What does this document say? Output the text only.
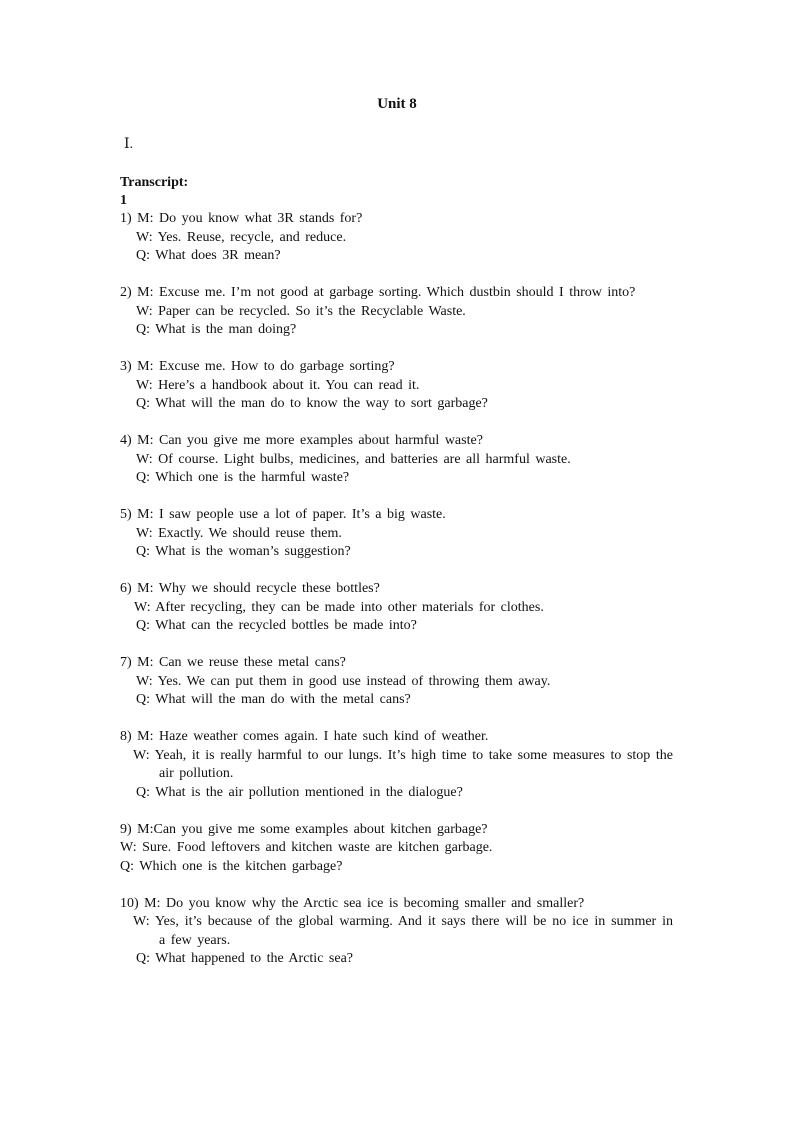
Unit 8
Ⅰ.
Transcript:
1
1) M: Do you know what 3R stands for?
W: Yes. Reuse, recycle, and reduce.
Q: What does 3R mean?
2) M: Excuse me. I’m not good at garbage sorting. Which dustbin should I throw into?
W: Paper can be recycled. So it’s the Recyclable Waste.
Q: What is the man doing?
3) M: Excuse me. How to do garbage sorting?
W: Here’s a handbook about it. You can read it.
Q: What will the man do to know the way to sort garbage?
4) M: Can you give me more examples about harmful waste?
W: Of course. Light bulbs, medicines, and batteries are all harmful waste.
Q: Which one is the harmful waste?
5) M: I saw people use a lot of paper. It’s a big waste.
W: Exactly. We should reuse them.
Q: What is the woman’s suggestion?
6) M: Why we should recycle these bottles?
W: After recycling, they can be made into other materials for clothes.
Q: What can the recycled bottles be made into?
7) M: Can we reuse these metal cans?
W: Yes. We can put them in good use instead of throwing them away.
Q: What will the man do with the metal cans?
8) M: Haze weather comes again. I hate such kind of weather.
W: Yeah, it is really harmful to our lungs. It’s high time to take some measures to stop the air pollution.
Q: What is the air pollution mentioned in the dialogue?
9) M:Can you give me some examples about kitchen garbage?
W: Sure. Food leftovers and kitchen waste are kitchen garbage.
Q: Which one is the kitchen garbage?
10) M: Do you know why the Arctic sea ice is becoming smaller and smaller?
W: Yes, it’s because of the global warming. And it says there will be no ice in summer in a few years.
Q: What happened to the Arctic sea?
